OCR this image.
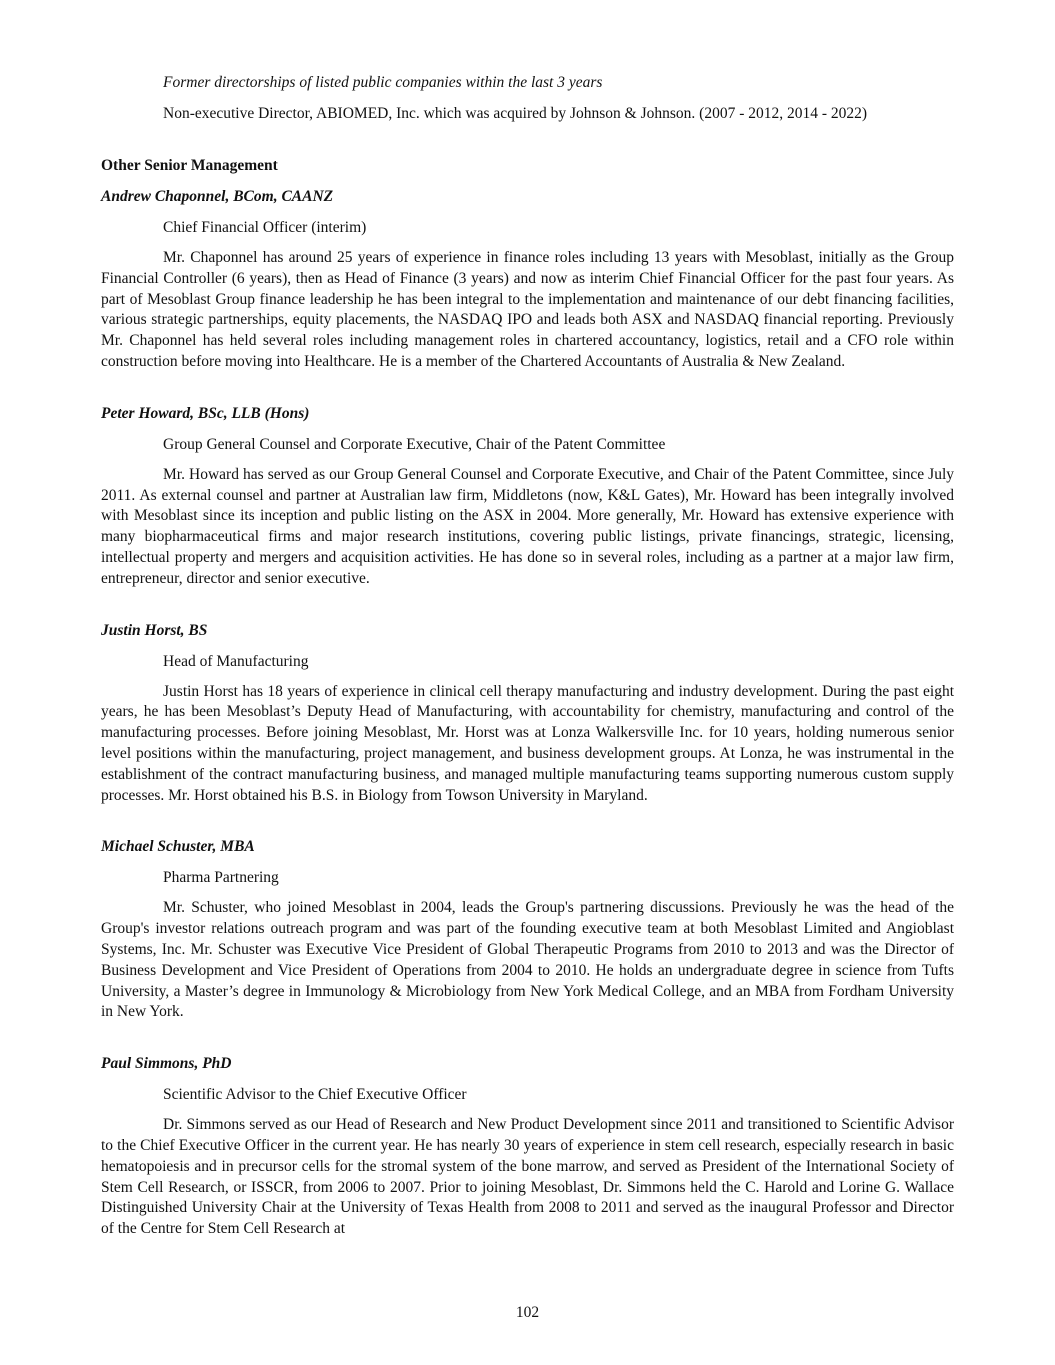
Former directorships of listed public companies within the last 3 years

Non-executive Director, ABIOMED, Inc. which was acquired by Johnson & Johnson. (2007 - 2012, 2014 - 2022)

Other Senior Management

Andrew Chaponnel, BCom, CAANZ

Chief Financial Officer (interim)

Mr. Chaponnel has around 25 years of experience in finance roles including 13 years with Mesoblast, initially as the Group Financial Controller (6 years), then as Head of Finance (3 years) and now as interim Chief Financial Officer for the past four years. As part of Mesoblast Group finance leadership he has been integral to the implementation and maintenance of our debt financing facilities, various strategic partnerships, equity placements, the NASDAQ IPO and leads both ASX and NASDAQ financial reporting. Previously Mr. Chaponnel has held several roles including management roles in chartered accountancy, logistics, retail and a CFO role within construction before moving into Healthcare. He is a member of the Chartered Accountants of Australia & New Zealand.

Peter Howard, BSc, LLB (Hons)

Group General Counsel and Corporate Executive, Chair of the Patent Committee

Mr. Howard has served as our Group General Counsel and Corporate Executive, and Chair of the Patent Committee, since July 2011. As external counsel and partner at Australian law firm, Middletons (now, K&L Gates), Mr. Howard has been integrally involved with Mesoblast since its inception and public listing on the ASX in 2004. More generally, Mr. Howard has extensive experience with many biopharmaceutical firms and major research institutions, covering public listings, private financings, strategic, licensing, intellectual property and mergers and acquisition activities. He has done so in several roles, including as a partner at a major law firm, entrepreneur, director and senior executive.

Justin Horst, BS

Head of Manufacturing

Justin Horst has 18 years of experience in clinical cell therapy manufacturing and industry development. During the past eight years, he has been Mesoblast’s Deputy Head of Manufacturing, with accountability for chemistry, manufacturing and control of the manufacturing processes. Before joining Mesoblast, Mr. Horst was at Lonza Walkersville Inc. for 10 years, holding numerous senior level positions within the manufacturing, project management, and business development groups. At Lonza, he was instrumental in the establishment of the contract manufacturing business, and managed multiple manufacturing teams supporting numerous custom supply processes. Mr. Horst obtained his B.S. in Biology from Towson University in Maryland.

Michael Schuster, MBA

Pharma Partnering

Mr. Schuster, who joined Mesoblast in 2004, leads the Group's partnering discussions. Previously he was the head of the Group's investor relations outreach program and was part of the founding executive team at both Mesoblast Limited and Angioblast Systems, Inc. Mr. Schuster was Executive Vice President of Global Therapeutic Programs from 2010 to 2013 and was the Director of Business Development and Vice President of Operations from 2004 to 2010. He holds an undergraduate degree in science from Tufts University, a Master’s degree in Immunology & Microbiology from New York Medical College, and an MBA from Fordham University in New York.

Paul Simmons, PhD

Scientific Advisor to the Chief Executive Officer

Dr. Simmons served as our Head of Research and New Product Development since 2011 and transitioned to Scientific Advisor to the Chief Executive Officer in the current year. He has nearly 30 years of experience in stem cell research, especially research in basic hematopoiesis and in precursor cells for the stromal system of the bone marrow, and served as President of the International Society of Stem Cell Research, or ISSCR, from 2006 to 2007. Prior to joining Mesoblast, Dr. Simmons held the C. Harold and Lorine G. Wallace Distinguished University Chair at the University of Texas Health from 2008 to 2011 and served as the inaugural Professor and Director of the Centre for Stem Cell Research at

102
